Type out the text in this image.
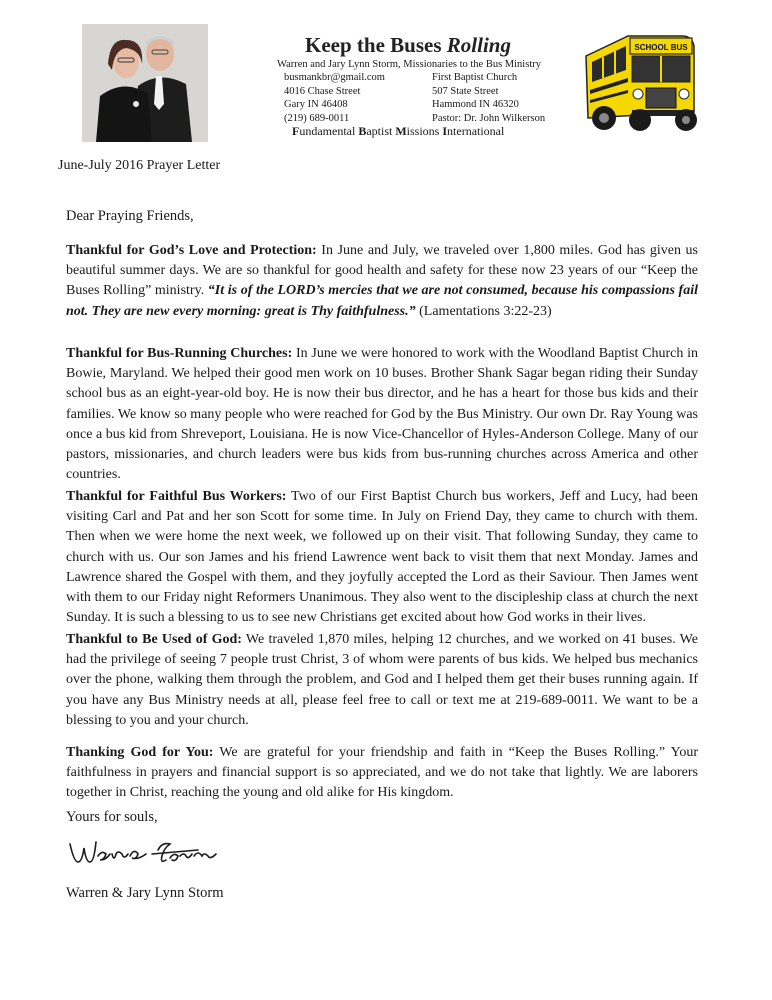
Keep the Buses Rolling
Warren and Jary Lynn Storm, Missionaries to the Bus Ministry
busmankbr@gmail.com
4016 Chase Street
Gary IN 46408
(219) 689-0011
First Baptist Church
507 State Street
Hammond IN 46320
Pastor: Dr. John Wilkerson
Fundamental Baptist Missions International
SCHOOL BUS
June-July 2016 Prayer Letter
Dear Praying Friends,

Thankful for God’s Love and Protection: In June and July, we traveled over 1,800 miles. God has given us beautiful summer days. We are so thankful for good health and safety for these now 23 years of our “Keep the Buses Rolling” ministry. “It is of the LORD’s mercies that we are not consumed, because his compassions fail not. They are new every morning: great is Thy faithfulness.” (Lamentations 3:22-23)

Thankful for Bus-Running Churches: In June we were honored to work with the Woodland Baptist Church in Bowie, Maryland. We helped their good men work on 10 buses. Brother Shank Sagar began riding their Sunday school bus as an eight-year-old boy. He is now their bus director, and he has a heart for those bus kids and their families. We know so many people who were reached for God by the Bus Ministry. Our own Dr. Ray Young was once a bus kid from Shreveport, Louisiana. He is now Vice-Chancellor of Hyles-Anderson College. Many of our pastors, missionaries, and church leaders were bus kids from bus-running churches across America and other countries.

Thankful for Faithful Bus Workers: Two of our First Baptist Church bus workers, Jeff and Lucy, had been visiting Carl and Pat and her son Scott for some time. In July on Friend Day, they came to church with them. Then when we were home the next week, we followed up on their visit. That following Sunday, they came to church with us. Our son James and his friend Lawrence went back to visit them that next Monday. James and Lawrence shared the Gospel with them, and they joyfully accepted the Lord as their Saviour. Then James went with them to our Friday night Reformers Unanimous. They also went to the discipleship class at church the next Sunday. It is such a blessing to us to see new Christians get excited about how God works in their lives.

Thankful to Be Used of God: We traveled 1,870 miles, helping 12 churches, and we worked on 41 buses. We had the privilege of seeing 7 people trust Christ, 3 of whom were parents of bus kids. We helped bus mechanics over the phone, walking them through the problem, and God and I helped them get their buses running again. If you have any Bus Ministry needs at all, please feel free to call or text me at 219-689-0011. We want to be a blessing to you and your church.

Thanking God for You: We are grateful for your friendship and faith in “Keep the Buses Rolling.” Your faithfulness in prayers and financial support is so appreciated, and we do not take that lightly. We are laborers together in Christ, reaching the young and old alike for His kingdom.

Yours for souls,
Warren & Jary Lynn Storm
